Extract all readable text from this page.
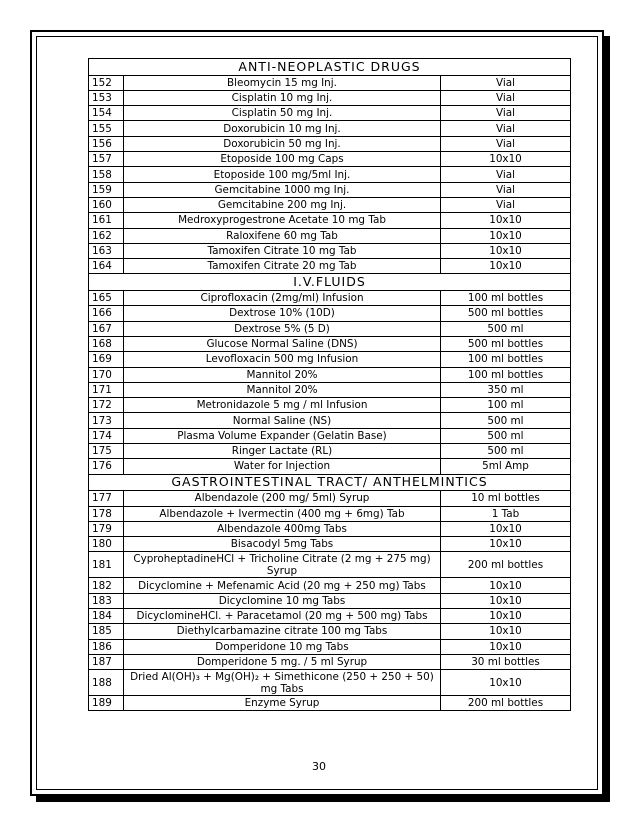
ANTI-NEOPLASTIC DRUGS		
152	Bleomycin 15 mg Inj.	Vial
153	Cisplatin 10 mg Inj.	Vial
154	Cisplatin 50 mg Inj.	Vial
155	Doxorubicin 10 mg Inj.	Vial
156	Doxorubicin 50 mg Inj.	Vial
157	Etoposide 100 mg Caps	10x10
158	Etoposide 100 mg/5ml Inj.	Vial
159	Gemcitabine 1000 mg Inj.	Vial
160	Gemcitabine 200 mg Inj.	Vial
161	Medroxyprogestrone Acetate 10 mg Tab	10x10
162	Raloxifene 60 mg Tab	10x10
163	Tamoxifen Citrate 10 mg Tab	10x10
164	Tamoxifen Citrate 20 mg Tab	10x10
I.V.FLUIDS		
165	Ciprofloxacin (2mg/ml) Infusion	100 ml bottles
166	Dextrose 10% (10D)	500 ml bottles
167	Dextrose 5% (5 D)	500 ml
168	Glucose Normal Saline (DNS)	500 ml bottles
169	Levofloxacin 500 mg Infusion	100 ml bottles
170	Mannitol 20%	100 ml bottles
171	Mannitol 20%	350 ml
172	Metronidazole 5 mg / ml Infusion	100 ml
173	Normal Saline (NS)	500 ml
174	Plasma Volume Expander (Gelatin Base)	500 ml
175	Ringer Lactate (RL)	500 ml
176	Water for Injection	5ml Amp
GASTROINTESTINAL TRACT/ ANTHELMINTICS		
177	Albendazole (200 mg/ 5ml) Syrup	10 ml bottles
178	Albendazole + Ivermectin (400 mg + 6mg) Tab	1 Tab
179	Albendazole 400mg Tabs	10x10
180	Bisacodyl 5mg Tabs	10x10
181	CyproheptadineHCl + Tricholine Citrate (2 mg + 275 mg) Syrup	200 ml bottles
182	Dicyclomine + Mefenamic Acid (20 mg + 250 mg) Tabs	10x10
183	Dicyclomine 10 mg Tabs	10x10
184	DicyclomineHCl. + Paracetamol (20 mg + 500 mg) Tabs	10x10
185	Diethylcarbamazine citrate 100 mg Tabs	10x10
186	Domperidone 10 mg Tabs	10x10
187	Domperidone 5 mg. / 5 ml Syrup	30 ml bottles
188	Dried Al(OH)₃ + Mg(OH)₂ + Simethicone (250 + 250 + 50) mg Tabs	10x10
189	Enzyme Syrup	200 ml bottles
30
